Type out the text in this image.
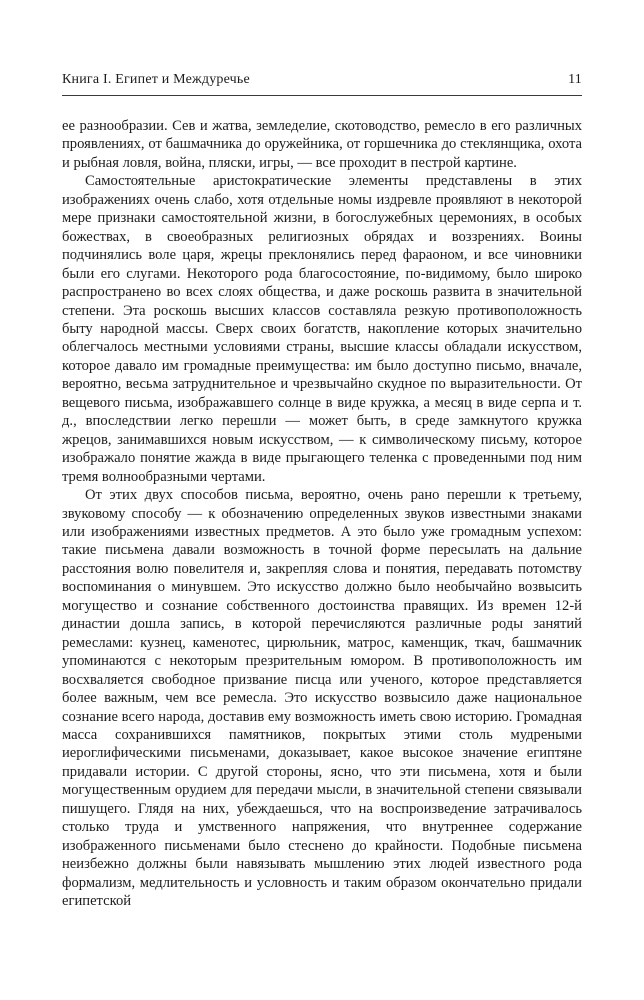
Книга I. Египет и Междуречье	11

ее разнообразии. Сев и жатва, земледелие, скотоводство, ремесло в его различных проявлениях, от башмачника до оружейника, от горшечника до стеклянщика, охота и рыбная ловля, война, пляски, игры, — все проходит в пестрой картине.

Самостоятельные аристократические элементы представлены в этих изображениях очень слабо, хотя отдельные номы издревле проявляют в некоторой мере признаки самостоятельной жизни, в богослужебных церемониях, в особых божествах, в своеобразных религиозных обрядах и воззрениях. Воины подчинялись воле царя, жрецы преклонялись перед фараоном, и все чиновники были его слугами. Некоторого рода благосостояние, по-видимому, было широко распространено во всех слоях общества, и даже роскошь развита в значительной степени. Эта роскошь высших классов составляла резкую противоположность быту народной массы. Сверх своих богатств, накопление которых значительно облегчалось местными условиями страны, высшие классы обладали искусством, которое давало им громадные преимущества: им было доступно письмо, вначале, вероятно, весьма затруднительное и чрезвычайно скудное по выразительности. От вещевого письма, изображавшего солнце в виде кружка, а месяц в виде серпа и т. д., впоследствии легко перешли — может быть, в среде замкнутого кружка жрецов, занимавшихся новым искусством, — к символическому письму, которое изображало понятие жажда в виде прыгающего теленка с проведенными под ним тремя волнообразными чертами.

От этих двух способов письма, вероятно, очень рано перешли к третьему, звуковому способу — к обозначению определенных звуков известными знаками или изображениями известных предметов. А это было уже громадным успехом: такие письмена давали возможность в точной форме пересылать на дальние расстояния волю повелителя и, закрепляя слова и понятия, передавать потомству воспоминания о минувшем. Это искусство должно было необычайно возвысить могущество и сознание собственного достоинства правящих. Из времен 12-й династии дошла запись, в которой перечисляются различные роды занятий ремеслами: кузнец, каменотес, цирюльник, матрос, каменщик, ткач, башмачник упоминаются с некоторым презрительным юмором. В противоположность им восхваляется свободное призвание писца или ученого, которое представляется более важным, чем все ремесла. Это искусство возвысило даже национальное сознание всего народа, доставив ему возможность иметь свою историю. Громадная масса сохранившихся памятников, покрытых этими столь мудреными иероглифическими письменами, доказывает, какое высокое значение египтяне придавали истории. С другой стороны, ясно, что эти письмена, хотя и были могущественным орудием для передачи мысли, в значительной степени связывали пишущего. Глядя на них, убеждаешься, что на воспроизведение затрачивалось столько труда и умственного напряжения, что внутреннее содержание изображенного письменами было стеснено до крайности. Подобные письмена неизбежно должны были навязывать мышлению этих людей известного рода формализм, медлительность и условность и таким образом окончательно придали египетской
